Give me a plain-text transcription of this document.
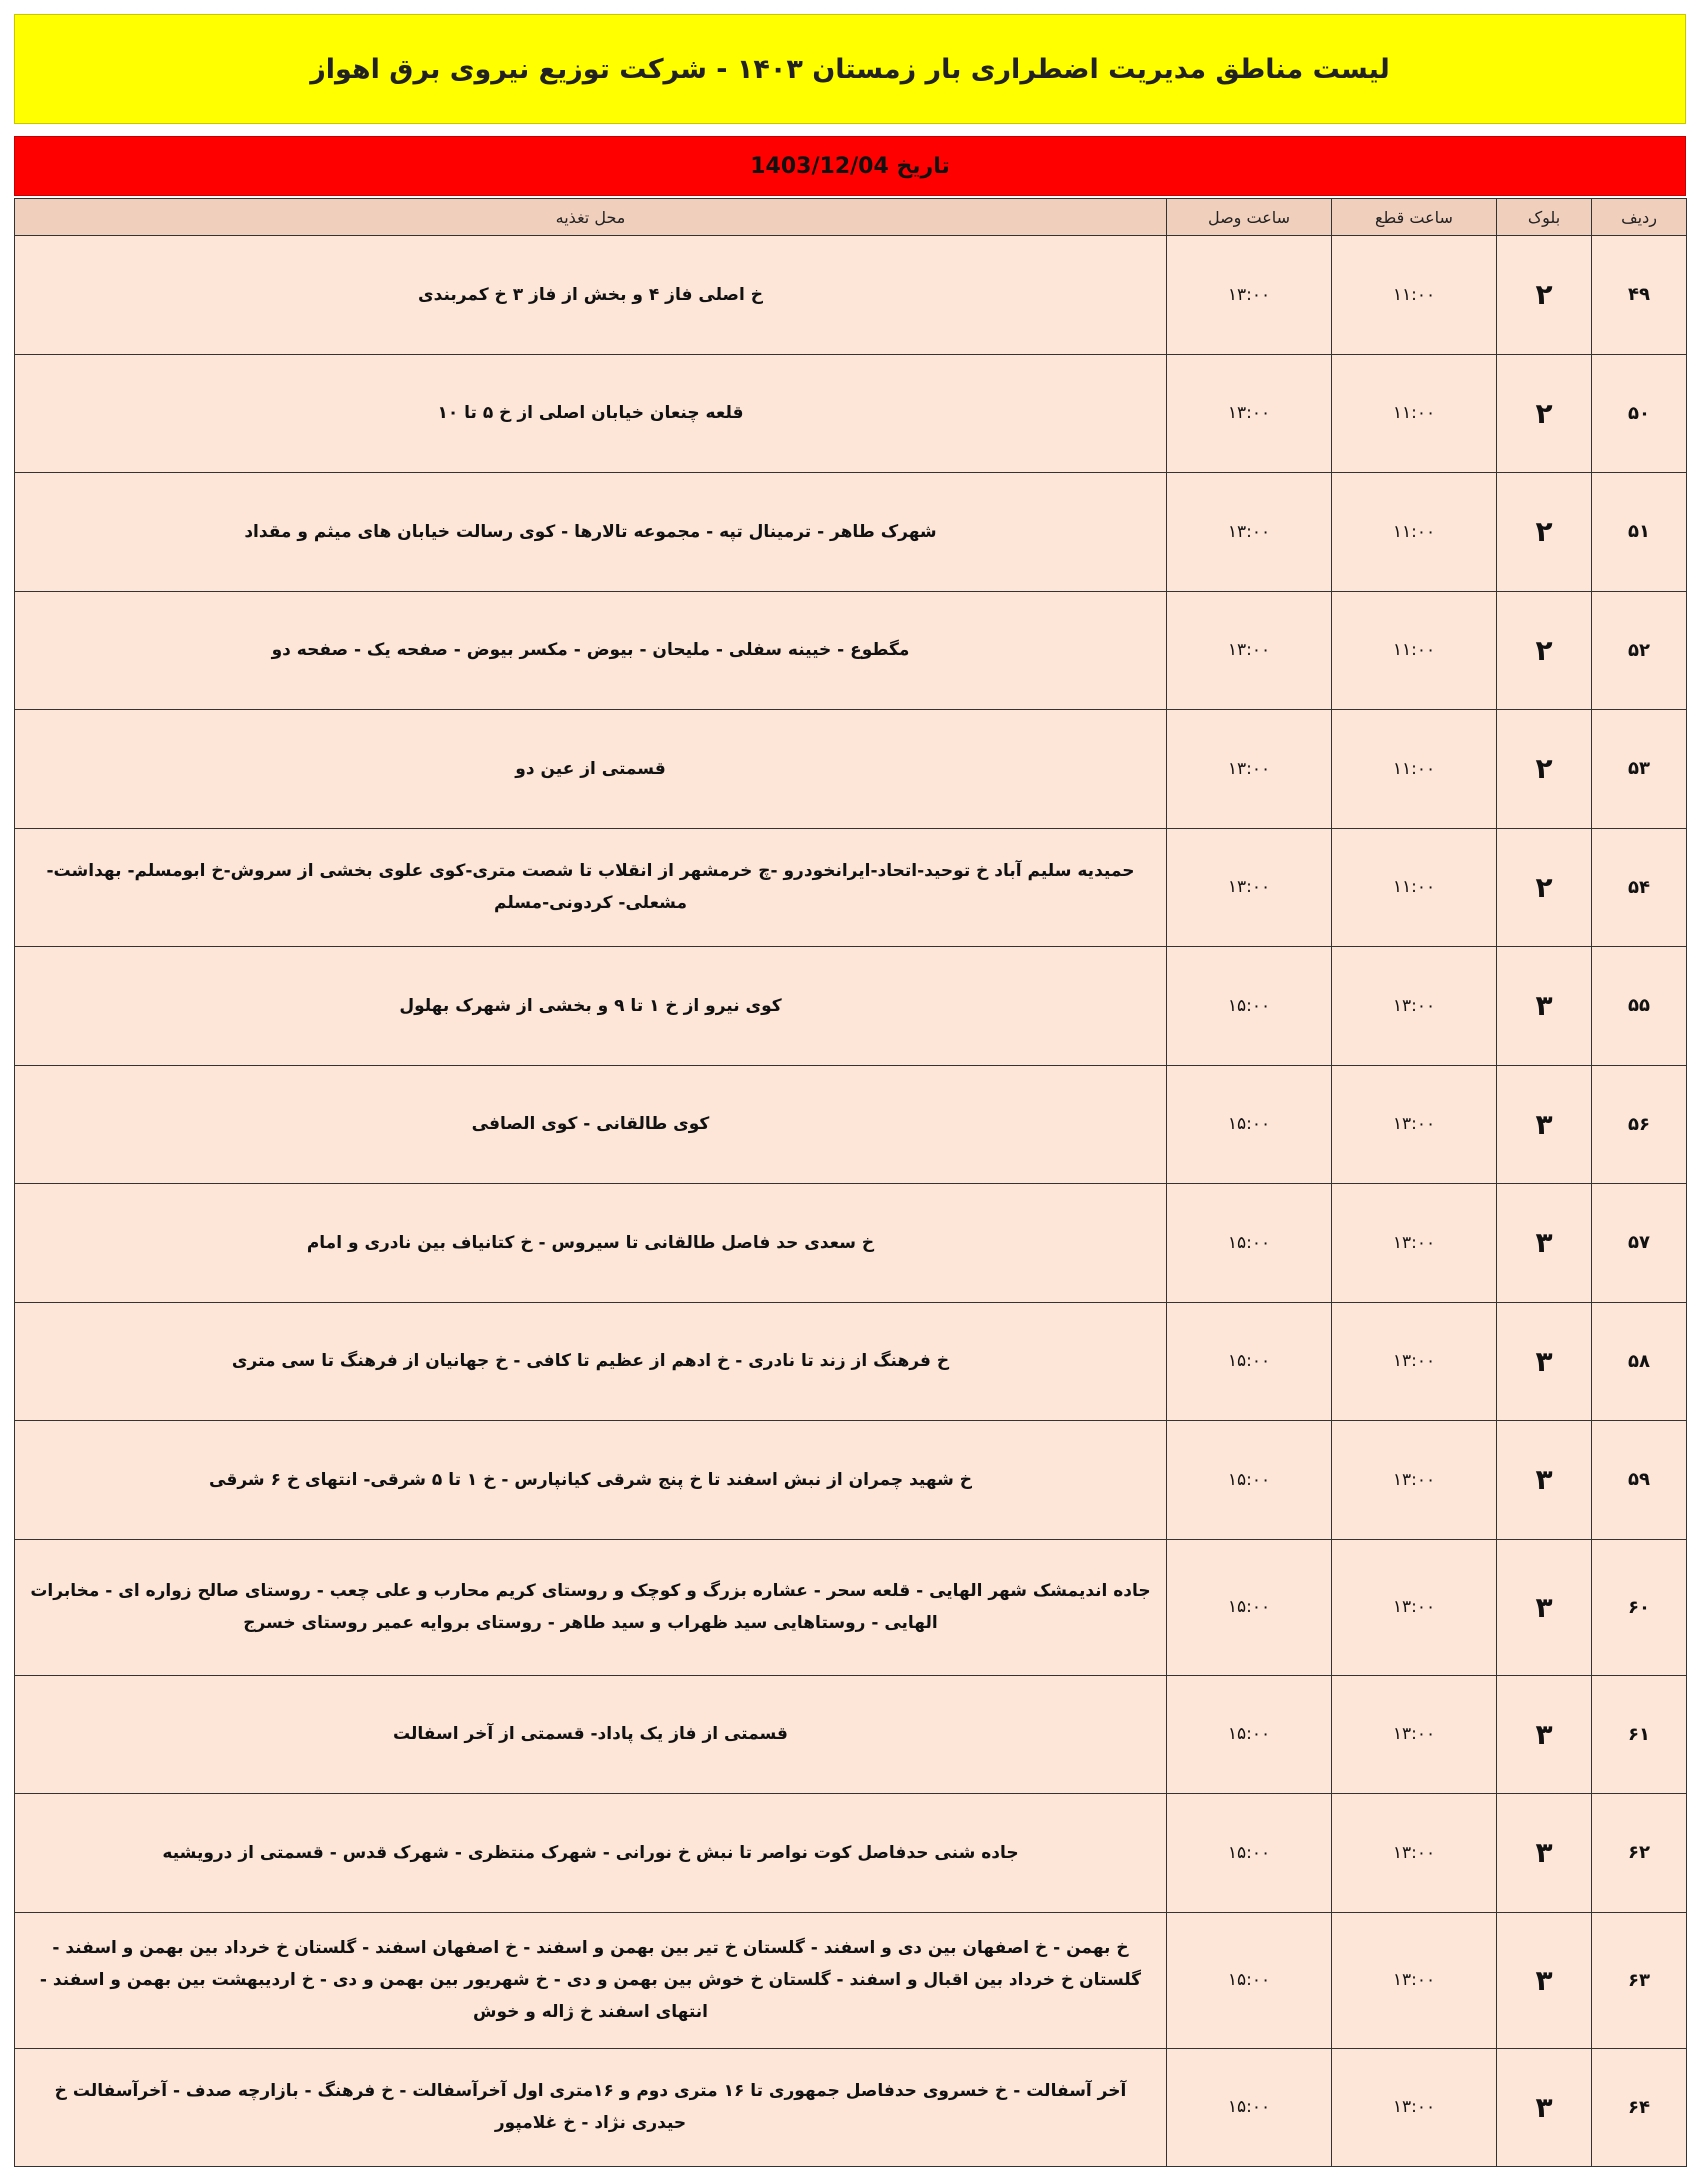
لیست مناطق مدیریت اضطراری بار زمستان ۱۴۰۳ - شرکت توزیع نیروی برق اهواز
تاریخ 1403/12/04
ردیف	بلوک	ساعت قطع	ساعت وصل	محل تغذیه
۴۹	۲	۱۱:۰۰	۱۳:۰۰	خ اصلی فاز ۴ و بخش از فاز ۳ خ کمربندی
۵۰	۲	۱۱:۰۰	۱۳:۰۰	قلعه چنعان خیابان اصلی از خ ۵ تا ۱۰
۵۱	۲	۱۱:۰۰	۱۳:۰۰	شهرک طاهر - ترمینال تپه - مجموعه تالارها - کوی رسالت خیابان های میثم و مقداد
۵۲	۲	۱۱:۰۰	۱۳:۰۰	مگطوع - خیینه سفلی - ملیحان - بیوض - مکسر بیوض - صفحه یک - صفحه دو
۵۳	۲	۱۱:۰۰	۱۳:۰۰	قسمتی از عین دو
۵۴	۲	۱۱:۰۰	۱۳:۰۰	حمیدیه سلیم آباد خ توحید-اتحاد-ایرانخودرو -چ خرمشهر از انقلاب تا شصت متری-کوی علوی بخشی از سروش-خ ابومسلم- بهداشت- مشعلی- کردونی-مسلم
۵۵	۳	۱۳:۰۰	۱۵:۰۰	کوی نیرو از خ ۱ تا ۹ و بخشی از شهرک بهلول
۵۶	۳	۱۳:۰۰	۱۵:۰۰	کوی طالقانی - کوی الصافی
۵۷	۳	۱۳:۰۰	۱۵:۰۰	خ سعدی حد فاصل طالقانی تا سیروس - خ کتانیاف بین نادری و امام
۵۸	۳	۱۳:۰۰	۱۵:۰۰	خ فرهنگ از زند تا نادری - خ ادهم از عظیم تا کافی - خ جهانیان از فرهنگ تا سی متری
۵۹	۳	۱۳:۰۰	۱۵:۰۰	خ شهید چمران از نبش اسفند تا خ پنج شرقی کیانپارس - خ ۱ تا ۵ شرقی- انتهای خ ۶ شرقی
۶۰	۳	۱۳:۰۰	۱۵:۰۰	جاده اندیمشک شهر الهایی - قلعه سحر - عشاره بزرگ و کوچک و روستای کریم محارب و علی چعب - روستای صالح زواره ای - مخابرات الهایی - روستاهایی سید ظهراب و سید طاهر - روستای بروایه عمیر روستای خسرج
۶۱	۳	۱۳:۰۰	۱۵:۰۰	قسمتی از فاز یک پاداد- قسمتی از آخر اسفالت
۶۲	۳	۱۳:۰۰	۱۵:۰۰	جاده شنی حدفاصل کوت نواصر تا نبش خ نورانی - شهرک منتظری - شهرک قدس - قسمتی از درویشیه
۶۳	۳	۱۳:۰۰	۱۵:۰۰	خ بهمن - خ اصفهان بین دی و اسفند - گلستان خ تیر بین بهمن و اسفند - خ اصفهان اسفند - گلستان خ خرداد بین بهمن و اسفند - گلستان خ خرداد بین اقبال و اسفند - گلستان خ خوش بین بهمن و دی - خ شهریور بین بهمن و دی - خ اردیبهشت بین بهمن و اسفند - انتهای اسفند خ ژاله و خوش
۶۴	۳	۱۳:۰۰	۱۵:۰۰	آخر آسفالت - خ خسروی حدفاصل جمهوری تا ۱۶ متری دوم و ۱۶متری اول آخرآسفالت - خ فرهنگ - بازارچه صدف - آخرآسفالت خ حیدری نژاد - خ غلامپور
